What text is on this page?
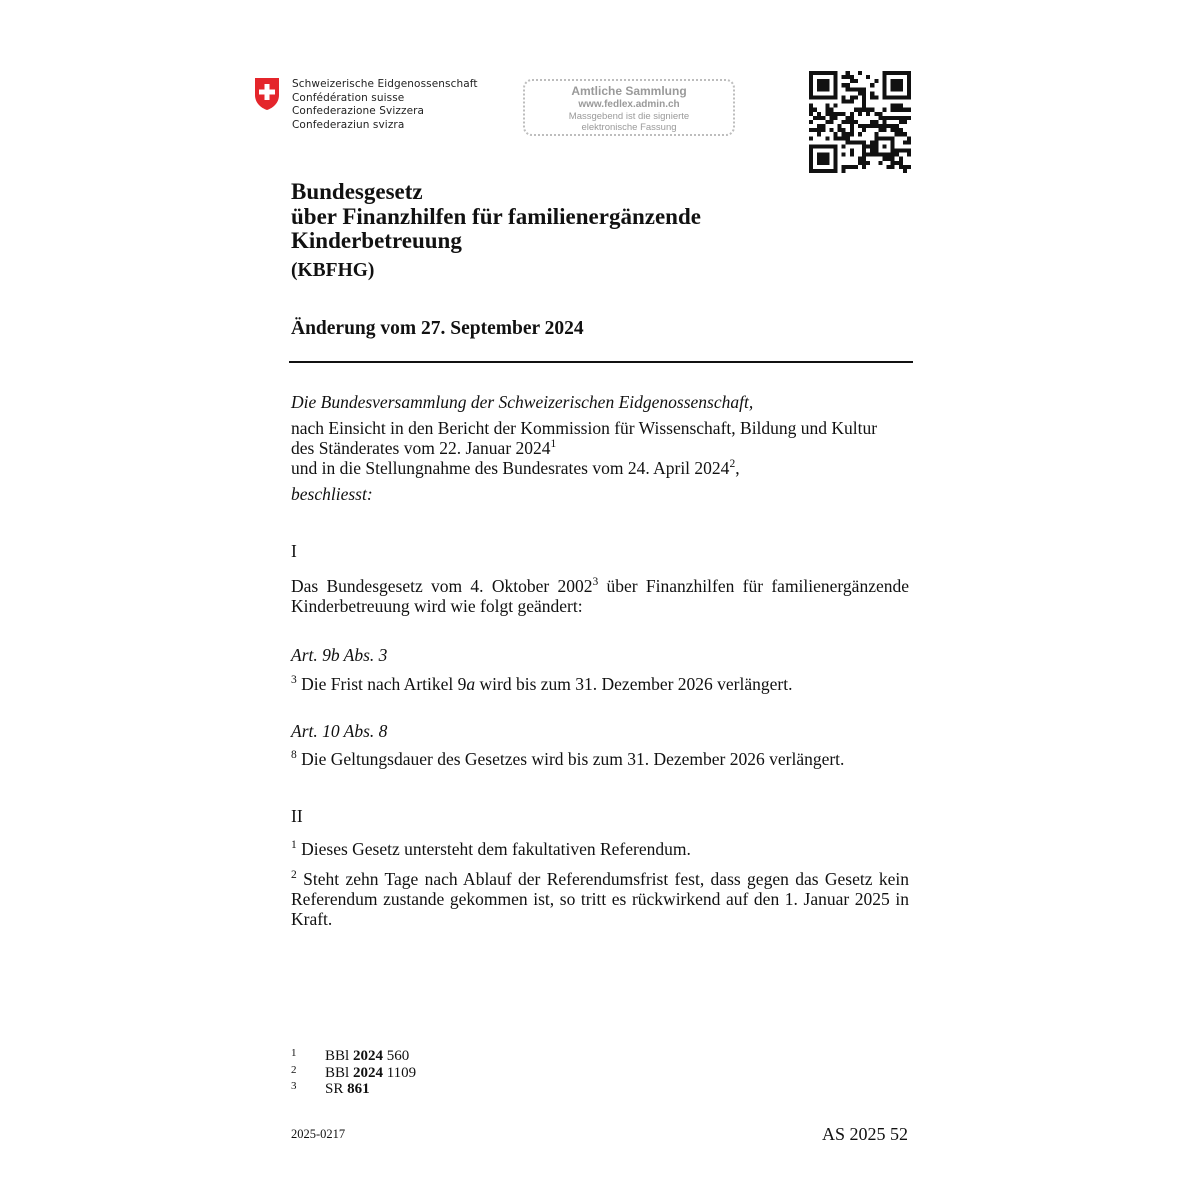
Schweizerische Eidgenossenschaft
Confédération suisse
Confederazione Svizzera
Confederaziun svizra
Amtliche Sammlung
www.fedlex.admin.ch
Massgebend ist die signierte
elektronische Fassung
Bundesgesetz
über Finanzhilfen für familienergänzende
Kinderbetreuung
(KBFHG)
Änderung vom 27. September 2024
Die Bundesversammlung der Schweizerischen Eidgenossenschaft,
nach Einsicht in den Bericht der Kommission für Wissenschaft, Bildung und Kultur
des Ständerates vom 22. Januar 2024$^1$
und in die Stellungnahme des Bundesrates vom 24. April 2024$^2$,
beschliesst:
I
Das Bundesgesetz vom 4. Oktober 2002$^3$ über Finanzhilfen für familienergänzende Kinderbetreuung wird wie folgt geändert:
Art. 9b Abs. 3
$^3$ Die Frist nach Artikel 9a wird bis zum 31. Dezember 2026 verlängert.
Art. 10 Abs. 8
$^8$ Die Geltungsdauer des Gesetzes wird bis zum 31. Dezember 2026 verlängert.
II
$^1$ Dieses Gesetz untersteht dem fakultativen Referendum.
$^2$ Steht zehn Tage nach Ablauf der Referendumsfrist fest, dass gegen das Gesetz kein Referendum zustande gekommen ist, so tritt es rückwirkend auf den 1. Januar 2025 in Kraft.
1 BBl 2024 560
2 BBl 2024 1109
3 SR 861
2025-0217	AS 2025 52
